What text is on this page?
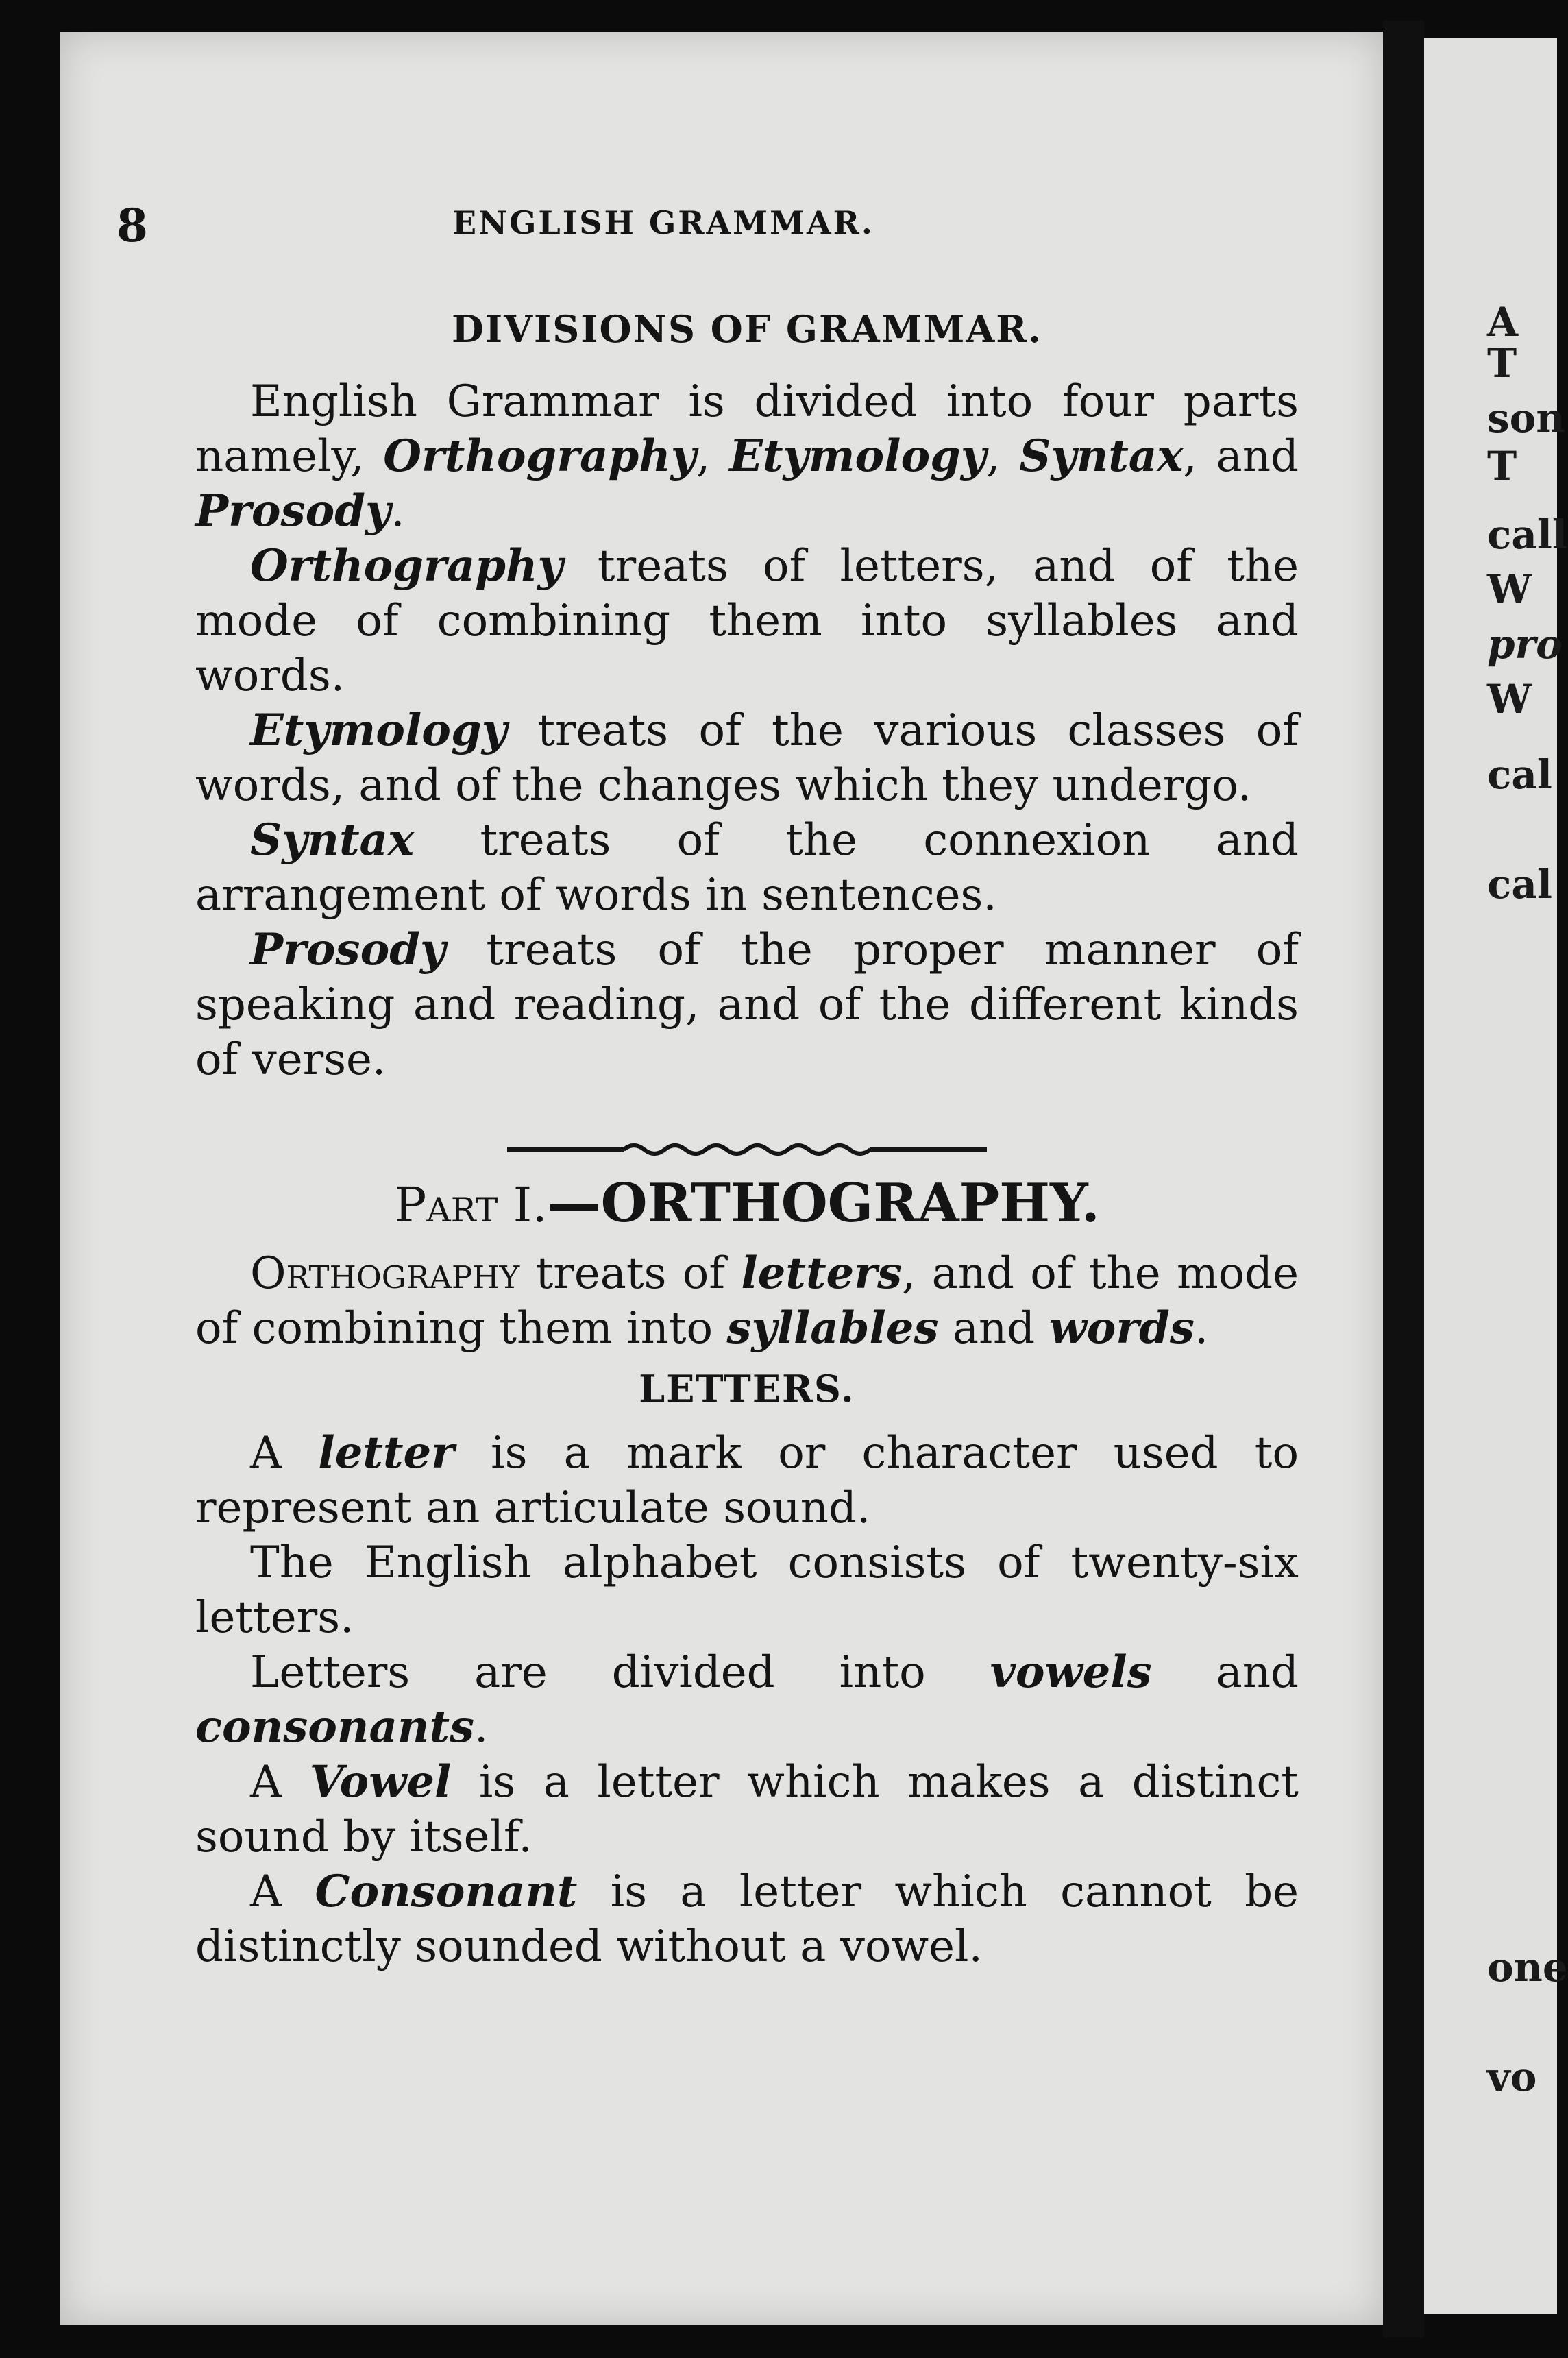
A
T
son
T
call
W
pro
W
cal
cal
one
vo
8	ENGLISH GRAMMAR.
DIVISIONS OF GRAMMAR.

English Grammar is divided into four parts namely, Orthography, Etymology, Syntax, and Prosody.

Orthography treats of letters, and of the mode of combining them into syllables and words.

Etymology treats of the various classes of words, and of the changes which they undergo.

Syntax treats of the connexion and arrangement of words in sentences.

Prosody treats of the proper manner of speaking and reading, and of the different kinds of verse.

Part I.—ORTHOGRAPHY.

Orthography treats of letters, and of the mode of combining them into syllables and words.

LETTERS.

A letter is a mark or character used to represent an articulate sound.

The English alphabet consists of twenty-six letters.

Letters are divided into vowels and consonants.

A Vowel is a letter which makes a distinct sound by itself.

A Consonant is a letter which cannot be distinctly sounded without a vowel.
